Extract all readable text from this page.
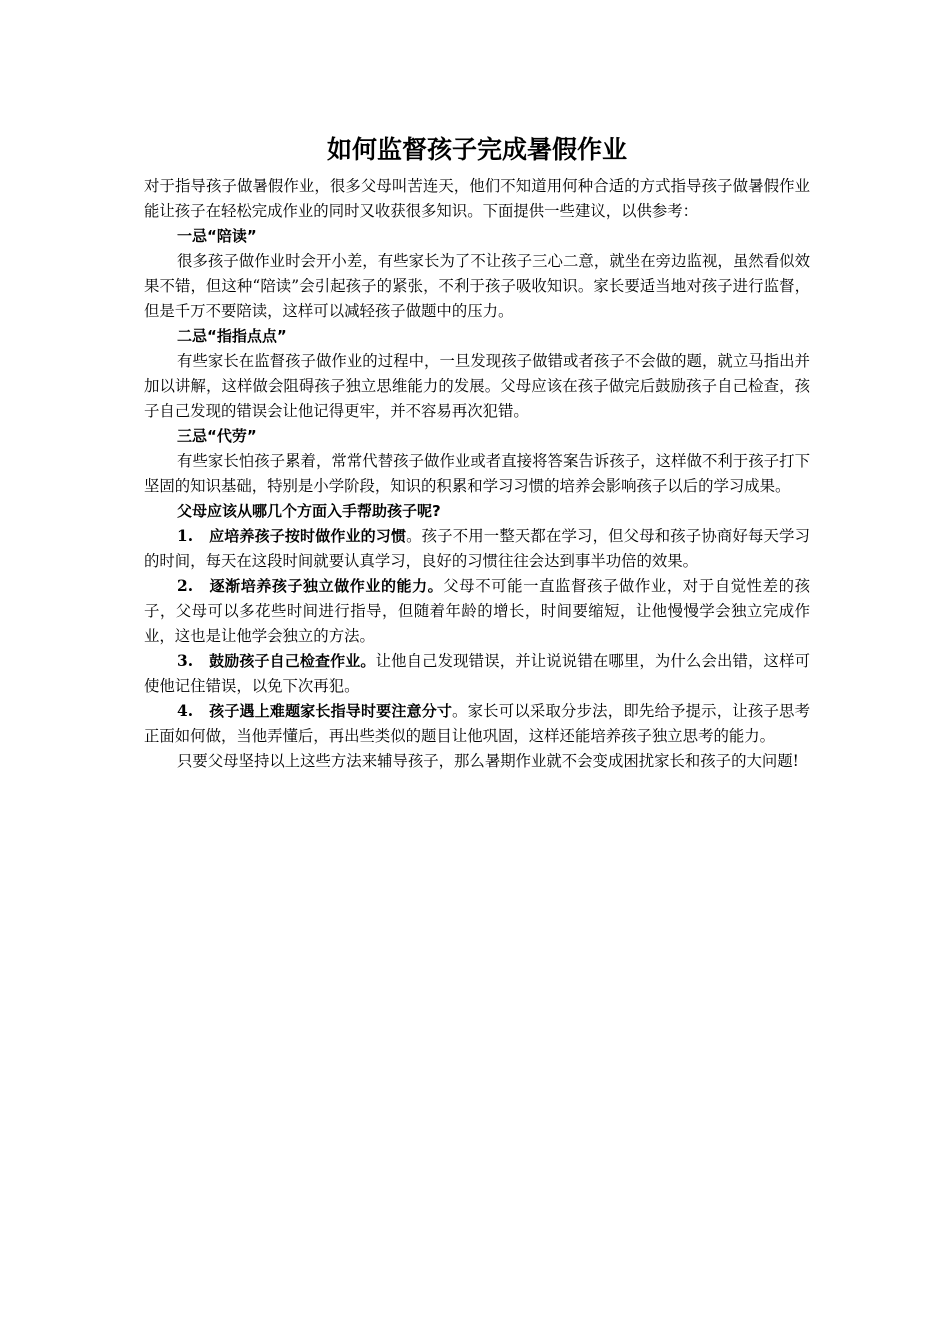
如何监督孩子完成暑假作业

对于指导孩子做暑假作业，很多父母叫苦连天，他们不知道用何种合适的方式指导孩子做暑假作业能让孩子在轻松完成作业的同时又收获很多知识。下面提供一些建议，以供参考：

一忌“陪读”

很多孩子做作业时会开小差，有些家长为了不让孩子三心二意，就坐在旁边监视，虽然看似效果不错，但这种“陪读”会引起孩子的紧张，不利于孩子吸收知识。家长要适当地对孩子进行监督，但是千万不要陪读，这样可以减轻孩子做题中的压力。

二忌“指指点点”

有些家长在监督孩子做作业的过程中，一旦发现孩子做错或者孩子不会做的题，就立马指出并加以讲解，这样做会阻碍孩子独立思维能力的发展。父母应该在孩子做完后鼓励孩子自己检查，孩子自己发现的错误会让他记得更牢，并不容易再次犯错。

三忌“代劳”

有些家长怕孩子累着，常常代替孩子做作业或者直接将答案告诉孩子，这样做不利于孩子打下坚固的知识基础，特别是小学阶段，知识的积累和学习习惯的培养会影响孩子以后的学习成果。

父母应该从哪几个方面入手帮助孩子呢?

1. 应培养孩子按时做作业的习惯。孩子不用一整天都在学习，但父母和孩子协商好每天学习的时间，每天在这段时间就要认真学习，良好的习惯往往会达到事半功倍的效果。

2. 逐渐培养孩子独立做作业的能力。父母不可能一直监督孩子做作业，对于自觉性差的孩子，父母可以多花些时间进行指导，但随着年龄的增长，时间要缩短，让他慢慢学会独立完成作业，这也是让他学会独立的方法。

3. 鼓励孩子自己检查作业。让他自己发现错误，并让说说错在哪里，为什么会出错，这样可使他记住错误，以免下次再犯。

4. 孩子遇上难题家长指导时要注意分寸。家长可以采取分步法，即先给予提示，让孩子思考正面如何做，当他弄懂后，再出些类似的题目让他巩固，这样还能培养孩子独立思考的能力。

只要父母坚持以上这些方法来辅导孩子，那么暑期作业就不会变成困扰家长和孩子的大问题!
